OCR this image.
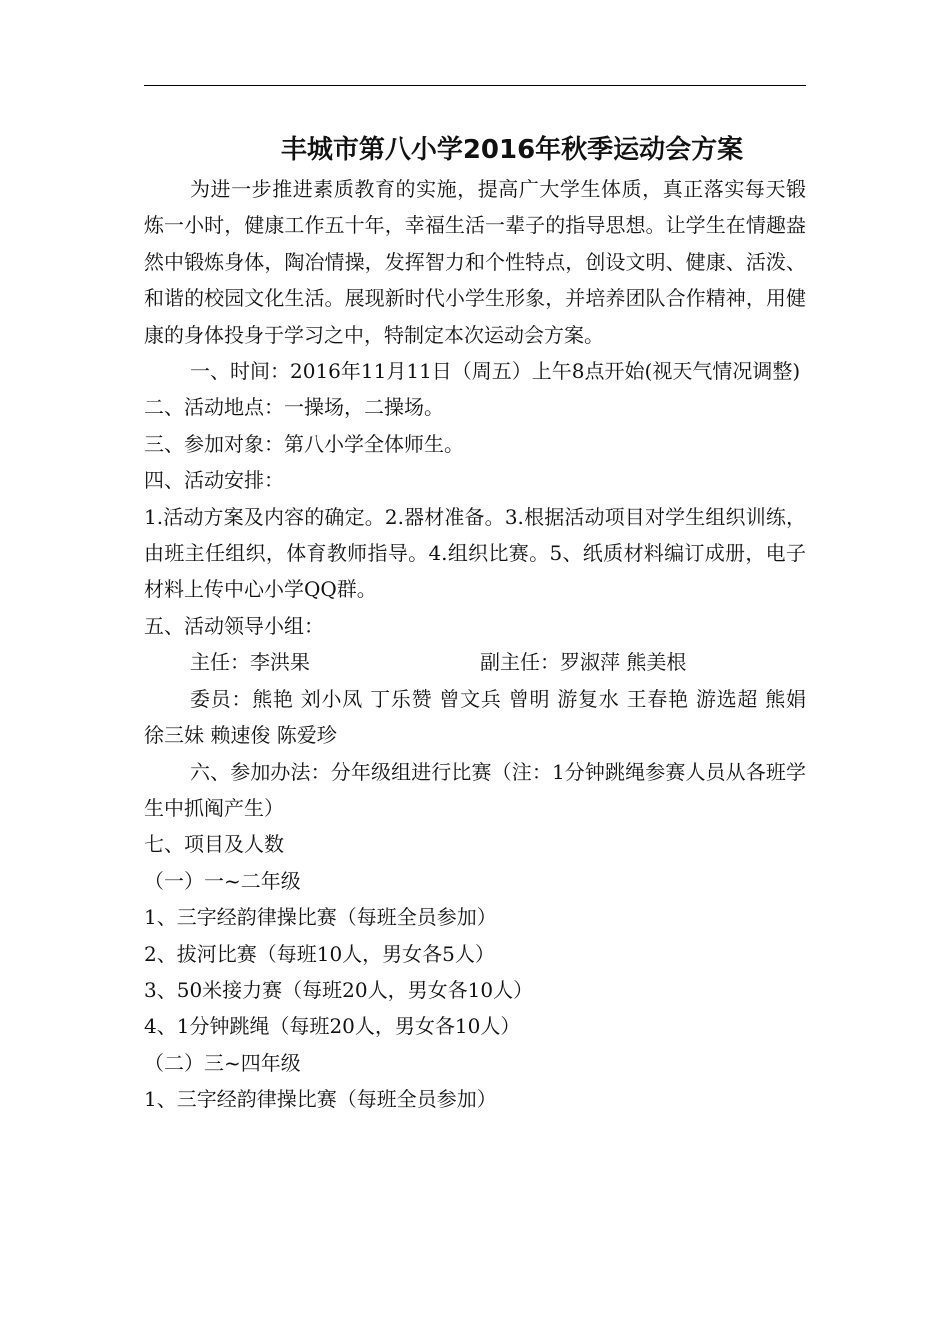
丰城市第八小学2016年秋季运动会方案

为进一步推进素质教育的实施，提高广大学生体质，真正落实每天锻炼一小时，健康工作五十年，幸福生活一辈子的指导思想。让学生在情趣盎然中锻炼身体，陶冶情操，发挥智力和个性特点，创设文明、健康、活泼、和谐的校园文化生活。展现新时代小学生形象，并培养团队合作精神，用健康的身体投身于学习之中，特制定本次运动会方案。

一、时间：2016年11月11日（周五）上午8点开始(视天气情况调整)

二、活动地点：一操场，二操场。

三、参加对象：第八小学全体师生。

四、活动安排：

1.活动方案及内容的确定。2.器材准备。3.根据活动项目对学生组织训练，由班主任组织，体育教师指导。4.组织比赛。5、纸质材料编订成册，电子材料上传中心小学QQ群。

五、活动领导小组：

主任：李洪果	副主任：罗淑萍 熊美根

委员：熊艳 刘小凤 丁乐赞 曾文兵 曾明 游复水 王春艳 游选超 熊娟 徐三妹 赖速俊 陈爱珍

六、参加办法：分年级组进行比赛（注：1分钟跳绳参赛人员从各班学生中抓阄产生）

七、项目及人数

（一）一~二年级

1、三字经韵律操比赛（每班全员参加）

2、拔河比赛（每班10人，男女各5人）

3、50米接力赛（每班20人，男女各10人）

4、1分钟跳绳（每班20人，男女各10人）

（二）三~四年级

1、三字经韵律操比赛（每班全员参加）
